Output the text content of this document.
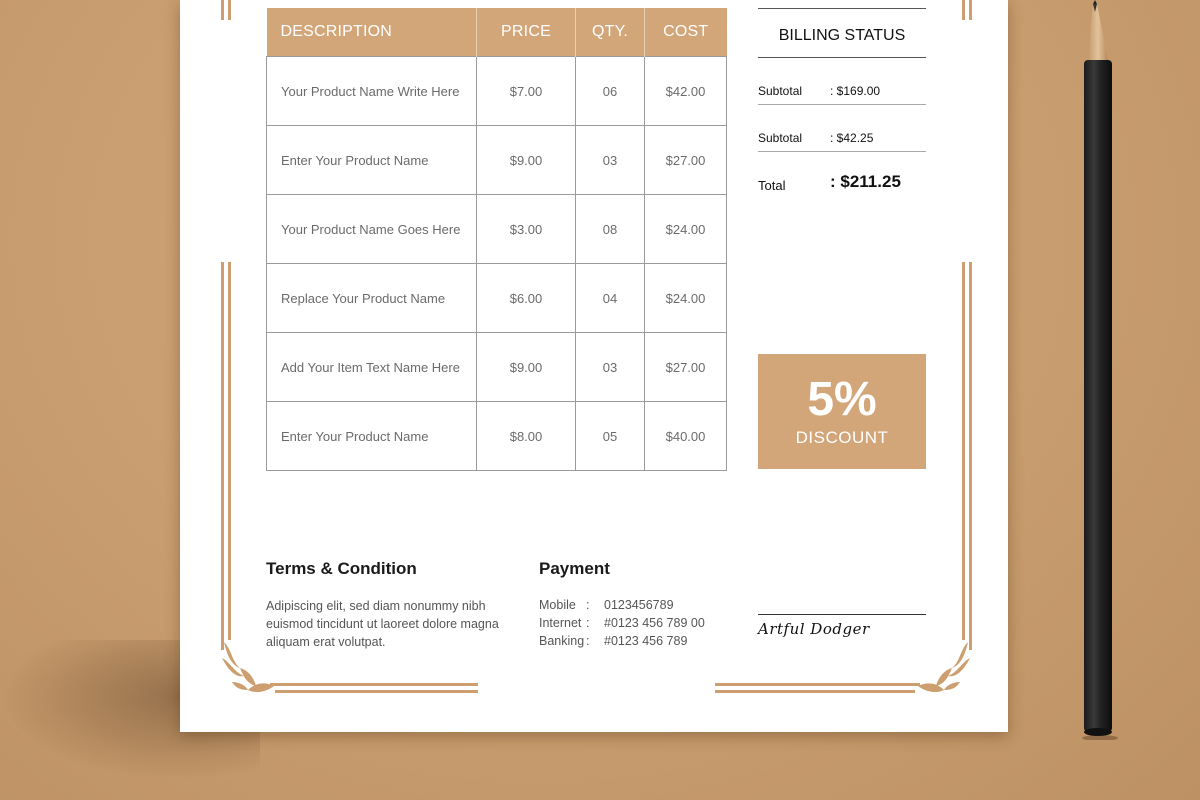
DESCRIPTION	PRICE	QTY.	COST
Your Product Name Write Here	$7.00	06	$42.00
Enter Your Product Name	$9.00	03	$27.00
Your Product Name Goes Here	$3.00	08	$24.00
Replace Your Product Name	$6.00	04	$24.00
Add Your Item Text Name Here	$9.00	03	$27.00
Enter Your Product Name	$8.00	05	$40.00
BILLING STATUS
Subtotal : $169.00
Subtotal : $42.25
Total	: $211.25
5%
DISCOUNT
Terms & Condition

Adipiscing elit, sed diam nonummy nibh euismod tincidunt ut laoreet dolore magna aliquam erat volutpat.

Payment
Mobile : 0123456789
Internet : #0123 456 789 00
Banking : #0123 456 789
Artful Dodger
